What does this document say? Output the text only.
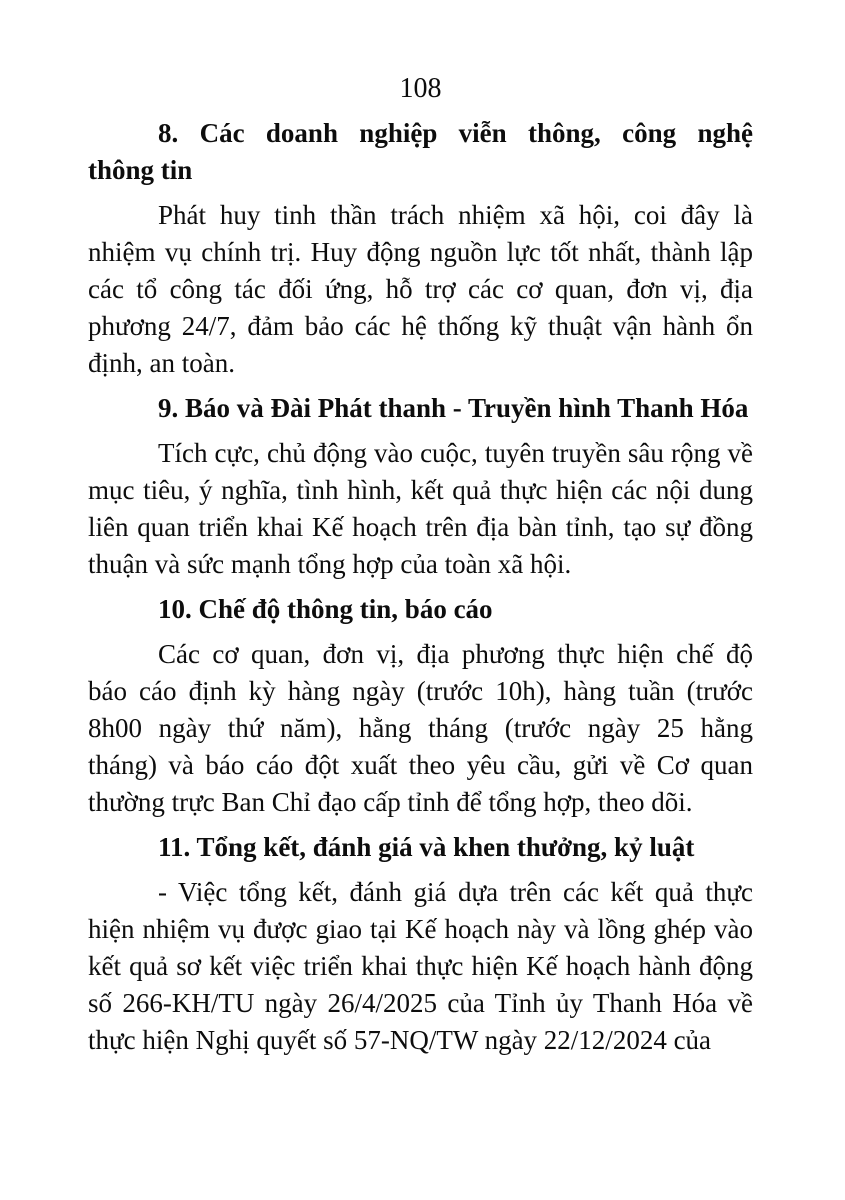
108
8. Các doanh nghiệp viễn thông, công nghệ
thông tin
Phát huy tinh thần trách nhiệm xã hội, coi đây là
nhiệm vụ chính trị. Huy động nguồn lực tốt nhất, thành lập
các tổ công tác đối ứng, hỗ trợ các cơ quan, đơn vị, địa
phương 24/7, đảm bảo các hệ thống kỹ thuật vận hành ổn
định, an toàn.
9. Báo và Đài Phát thanh - Truyền hình Thanh Hóa
Tích cực, chủ động vào cuộc, tuyên truyền sâu rộng về
mục tiêu, ý nghĩa, tình hình, kết quả thực hiện các nội dung
liên quan triển khai Kế hoạch trên địa bàn tỉnh, tạo sự đồng
thuận và sức mạnh tổng hợp của toàn xã hội.
10. Chế độ thông tin, báo cáo
Các cơ quan, đơn vị, địa phương thực hiện chế độ
báo cáo định kỳ hàng ngày (trước 10h), hàng tuần (trước
8h00 ngày thứ năm), hằng tháng (trước ngày 25 hằng
tháng) và báo cáo đột xuất theo yêu cầu, gửi về Cơ quan
thường trực Ban Chỉ đạo cấp tỉnh để tổng hợp, theo dõi.
11. Tổng kết, đánh giá và khen thưởng, kỷ luật
- Việc tổng kết, đánh giá dựa trên các kết quả thực
hiện nhiệm vụ được giao tại Kế hoạch này và lồng ghép vào
kết quả sơ kết việc triển khai thực hiện Kế hoạch hành động
số 266-KH/TU ngày 26/4/2025 của Tỉnh ủy Thanh Hóa về
thực hiện Nghị quyết số 57-NQ/TW ngày 22/12/2024 của
